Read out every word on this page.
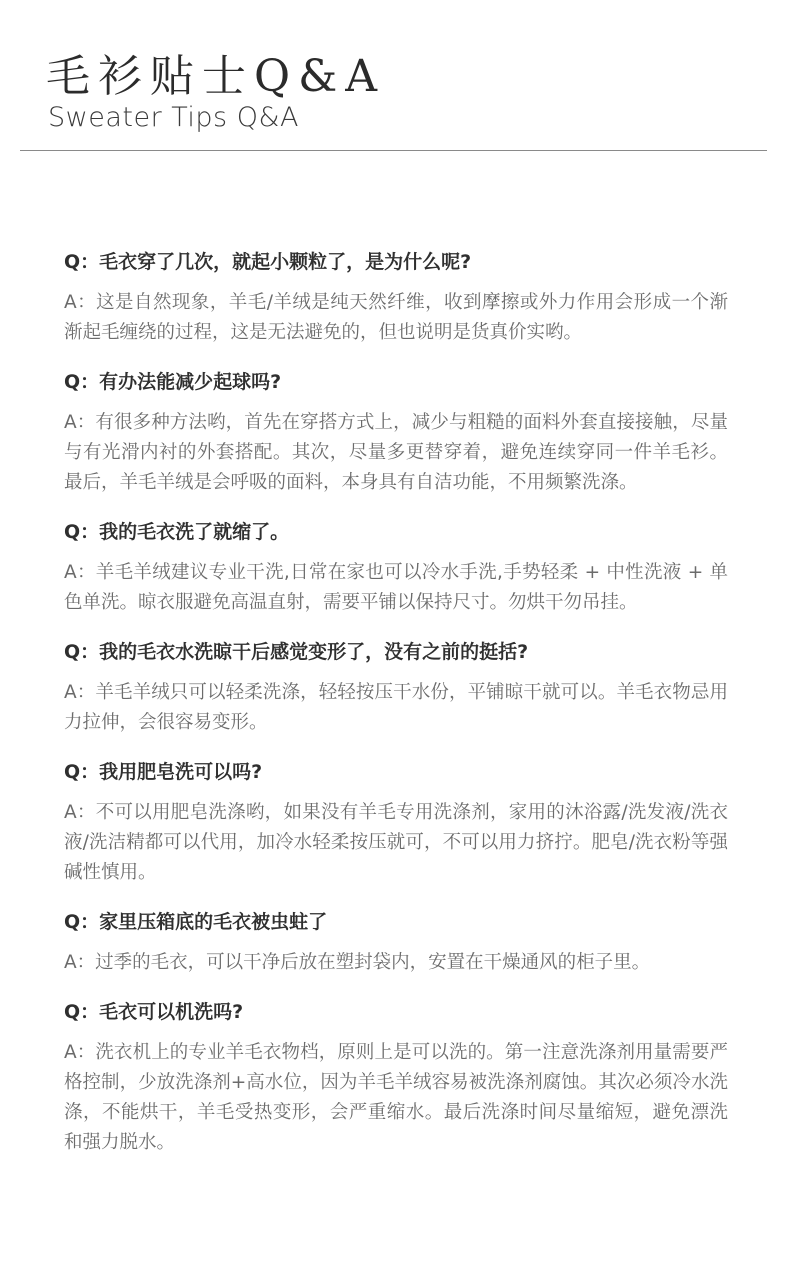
毛衫贴士Q&A
Sweater Tips Q&A
Q：毛衣穿了几次，就起小颗粒了，是为什么呢?
A：这是自然现象，羊毛/羊绒是纯天然纤维，收到摩擦或外力作用会形成一个渐渐起毛缠绕的过程，这是无法避免的，但也说明是货真价实哟。
Q：有办法能减少起球吗?
A：有很多种方法哟，首先在穿搭方式上，减少与粗糙的面料外套直接接触，尽量与有光滑内衬的外套搭配。其次，尽量多更替穿着，避免连续穿同一件羊毛衫。最后，羊毛羊绒是会呼吸的面料，本身具有自洁功能，不用频繁洗涤。
Q：我的毛衣洗了就缩了。
A：羊毛羊绒建议专业干洗,日常在家也可以冷水手洗,手势轻柔 + 中性洗液 + 单色单洗。晾衣服避免高温直射，需要平铺以保持尺寸。勿烘干勿吊挂。
Q：我的毛衣水洗晾干后感觉变形了，没有之前的挺括?
A：羊毛羊绒只可以轻柔洗涤，轻轻按压干水份，平铺晾干就可以。羊毛衣物忌用力拉伸，会很容易变形。
Q：我用肥皂洗可以吗?
A：不可以用肥皂洗涤哟，如果没有羊毛专用洗涤剂，家用的沐浴露/洗发液/洗衣液/洗洁精都可以代用，加冷水轻柔按压就可，不可以用力挤拧。肥皂/洗衣粉等强碱性慎用。
Q：家里压箱底的毛衣被虫蛀了
A：过季的毛衣，可以干净后放在塑封袋内，安置在干燥通风的柜子里。
Q：毛衣可以机洗吗?
A：洗衣机上的专业羊毛衣物档，原则上是可以洗的。第一注意洗涤剂用量需要严格控制，少放洗涤剂+高水位，因为羊毛羊绒容易被洗涤剂腐蚀。其次必须冷水洗涤，不能烘干，羊毛受热变形，会严重缩水。最后洗涤时间尽量缩短，避免漂洗和强力脱水。
